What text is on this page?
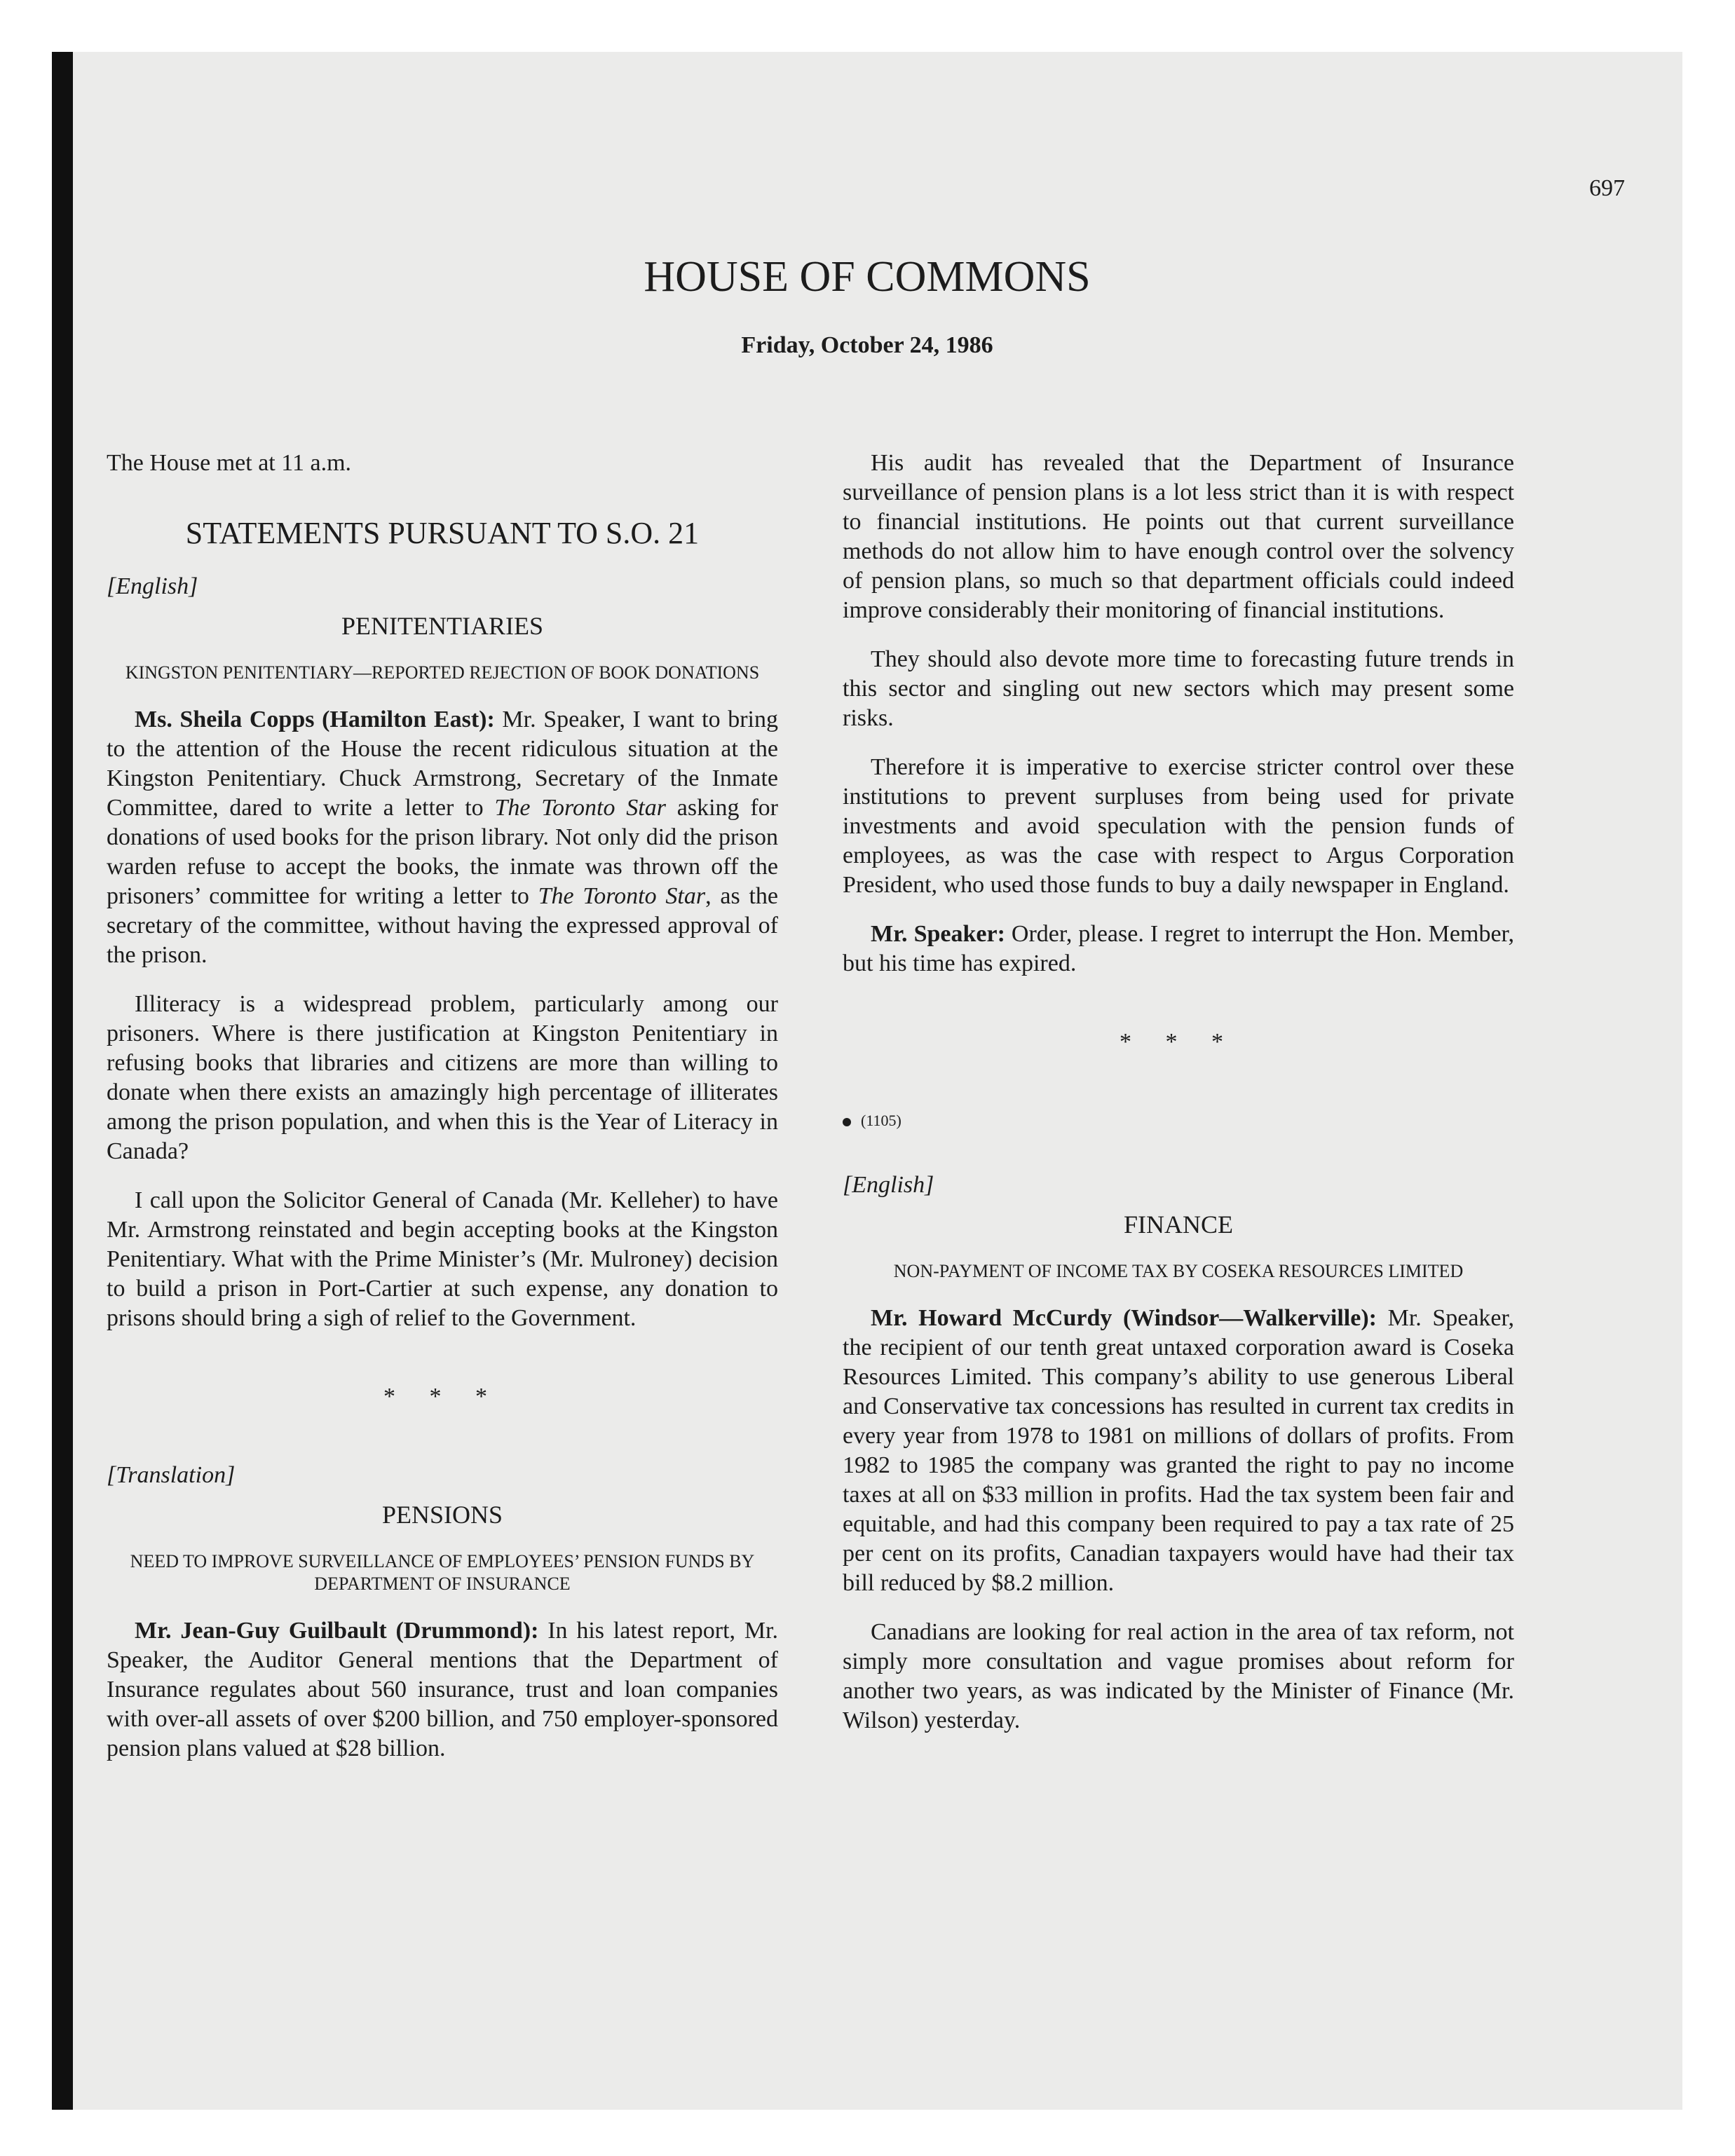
697
HOUSE OF COMMONS
Friday, October 24, 1986

The House met at 11 a.m.

STATEMENTS PURSUANT TO S.O. 21
[English]
PENITENTIARIES
KINGSTON PENITENTIARY—REPORTED REJECTION OF BOOK DONATIONS

Ms. Sheila Copps (Hamilton East): Mr. Speaker, I want to bring to the attention of the House the recent ridiculous situation at the Kingston Penitentiary. Chuck Armstrong, Secretary of the Inmate Committee, dared to write a letter to The Toronto Star asking for donations of used books for the prison library. Not only did the prison warden refuse to accept the books, the inmate was thrown off the prisoners’ committee for writing a letter to The Toronto Star, as the secretary of the committee, without having the expressed approval of the prison.

Illiteracy is a widespread problem, particularly among our prisoners. Where is there justification at Kingston Penitentiary in refusing books that libraries and citizens are more than willing to donate when there exists an amazingly high percentage of illiterates among the prison population, and when this is the Year of Literacy in Canada?

I call upon the Solicitor General of Canada (Mr. Kelleher) to have Mr. Armstrong reinstated and begin accepting books at the Kingston Penitentiary. What with the Prime Minister’s (Mr. Mulroney) decision to build a prison in Port-Cartier at such expense, any donation to prisons should bring a sigh of relief to the Government.

* * *
[Translation]
PENSIONS
NEED TO IMPROVE SURVEILLANCE OF EMPLOYEES’ PENSION FUNDS BY DEPARTMENT OF INSURANCE

Mr. Jean-Guy Guilbault (Drummond): In his latest report, Mr. Speaker, the Auditor General mentions that the Department of Insurance regulates about 560 insurance, trust and loan companies with over-all assets of over $200 billion, and 750 employer-sponsored pension plans valued at $28 billion.

His audit has revealed that the Department of Insurance surveillance of pension plans is a lot less strict than it is with respect to financial institutions. He points out that current surveillance methods do not allow him to have enough control over the solvency of pension plans, so much so that department officials could indeed improve considerably their monitoring of financial institutions.

They should also devote more time to forecasting future trends in this sector and singling out new sectors which may present some risks.

Therefore it is imperative to exercise stricter control over these institutions to prevent surpluses from being used for private investments and avoid speculation with the pension funds of employees, as was the case with respect to Argus Corporation President, who used those funds to buy a daily newspaper in England.

Mr. Speaker: Order, please. I regret to interrupt the Hon. Member, but his time has expired.

* * *
(1105)
[English]
FINANCE
NON-PAYMENT OF INCOME TAX BY COSEKA RESOURCES LIMITED

Mr. Howard McCurdy (Windsor—Walkerville): Mr. Speaker, the recipient of our tenth great untaxed corporation award is Coseka Resources Limited. This company’s ability to use generous Liberal and Conservative tax concessions has resulted in current tax credits in every year from 1978 to 1981 on millions of dollars of profits. From 1982 to 1985 the company was granted the right to pay no income taxes at all on $33 million in profits. Had the tax system been fair and equitable, and had this company been required to pay a tax rate of 25 per cent on its profits, Canadian taxpayers would have had their tax bill reduced by $8.2 million.

Canadians are looking for real action in the area of tax reform, not simply more consultation and vague promises about reform for another two years, as was indicated by the Minister of Finance (Mr. Wilson) yesterday.
